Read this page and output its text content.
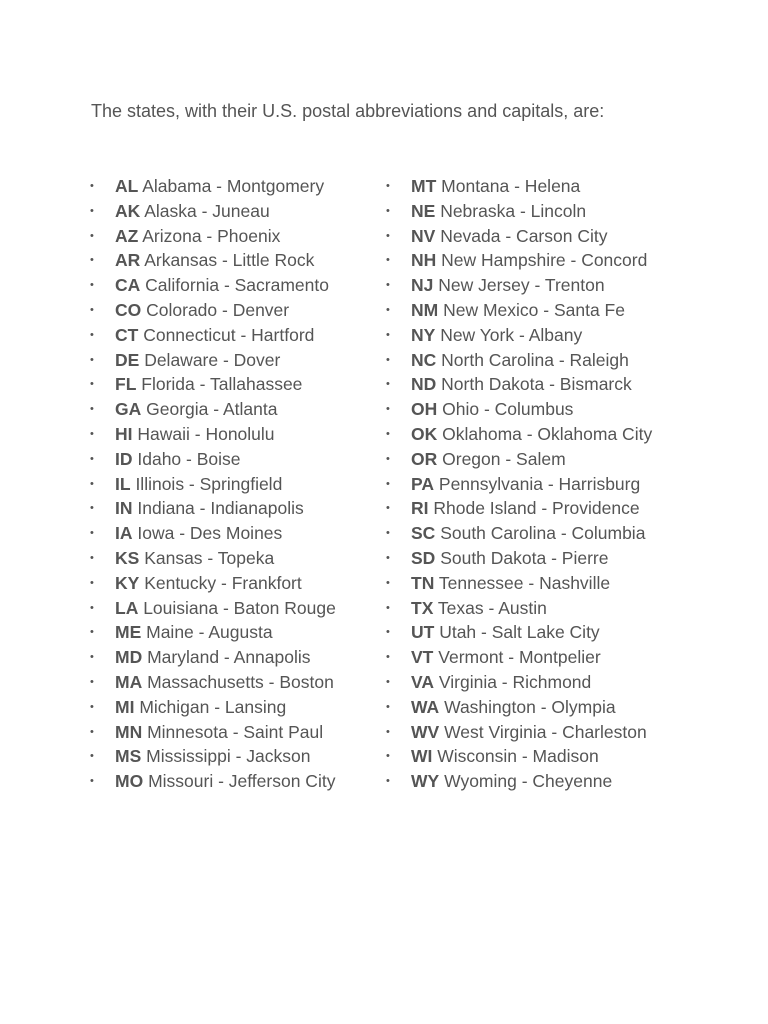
The states, with their U.S. postal abbreviations and capitals, are:

• AL Alabama - Montgomery
• AK Alaska - Juneau
• AZ Arizona - Phoenix
• AR Arkansas - Little Rock
• CA California - Sacramento
• CO Colorado - Denver
• CT Connecticut - Hartford
• DE Delaware - Dover
• FL Florida - Tallahassee
• GA Georgia - Atlanta
• HI Hawaii - Honolulu
• ID Idaho - Boise
• IL Illinois - Springfield
• IN Indiana - Indianapolis
• IA Iowa - Des Moines
• KS Kansas - Topeka
• KY Kentucky - Frankfort
• LA Louisiana - Baton Rouge
• ME Maine - Augusta
• MD Maryland - Annapolis
• MA Massachusetts - Boston
• MI Michigan - Lansing
• MN Minnesota - Saint Paul
• MS Mississippi - Jackson
• MO Missouri - Jefferson City
• MT Montana - Helena
• NE Nebraska - Lincoln
• NV Nevada - Carson City
• NH New Hampshire - Concord
• NJ New Jersey - Trenton
• NM New Mexico - Santa Fe
• NY New York - Albany
• NC North Carolina - Raleigh
• ND North Dakota - Bismarck
• OH Ohio - Columbus
• OK Oklahoma - Oklahoma City
• OR Oregon - Salem
• PA Pennsylvania - Harrisburg
• RI Rhode Island - Providence
• SC South Carolina - Columbia
• SD South Dakota - Pierre
• TN Tennessee - Nashville
• TX Texas - Austin
• UT Utah - Salt Lake City
• VT Vermont - Montpelier
• VA Virginia - Richmond
• WA Washington - Olympia
• WV West Virginia - Charleston
• WI Wisconsin - Madison
• WY Wyoming - Cheyenne
